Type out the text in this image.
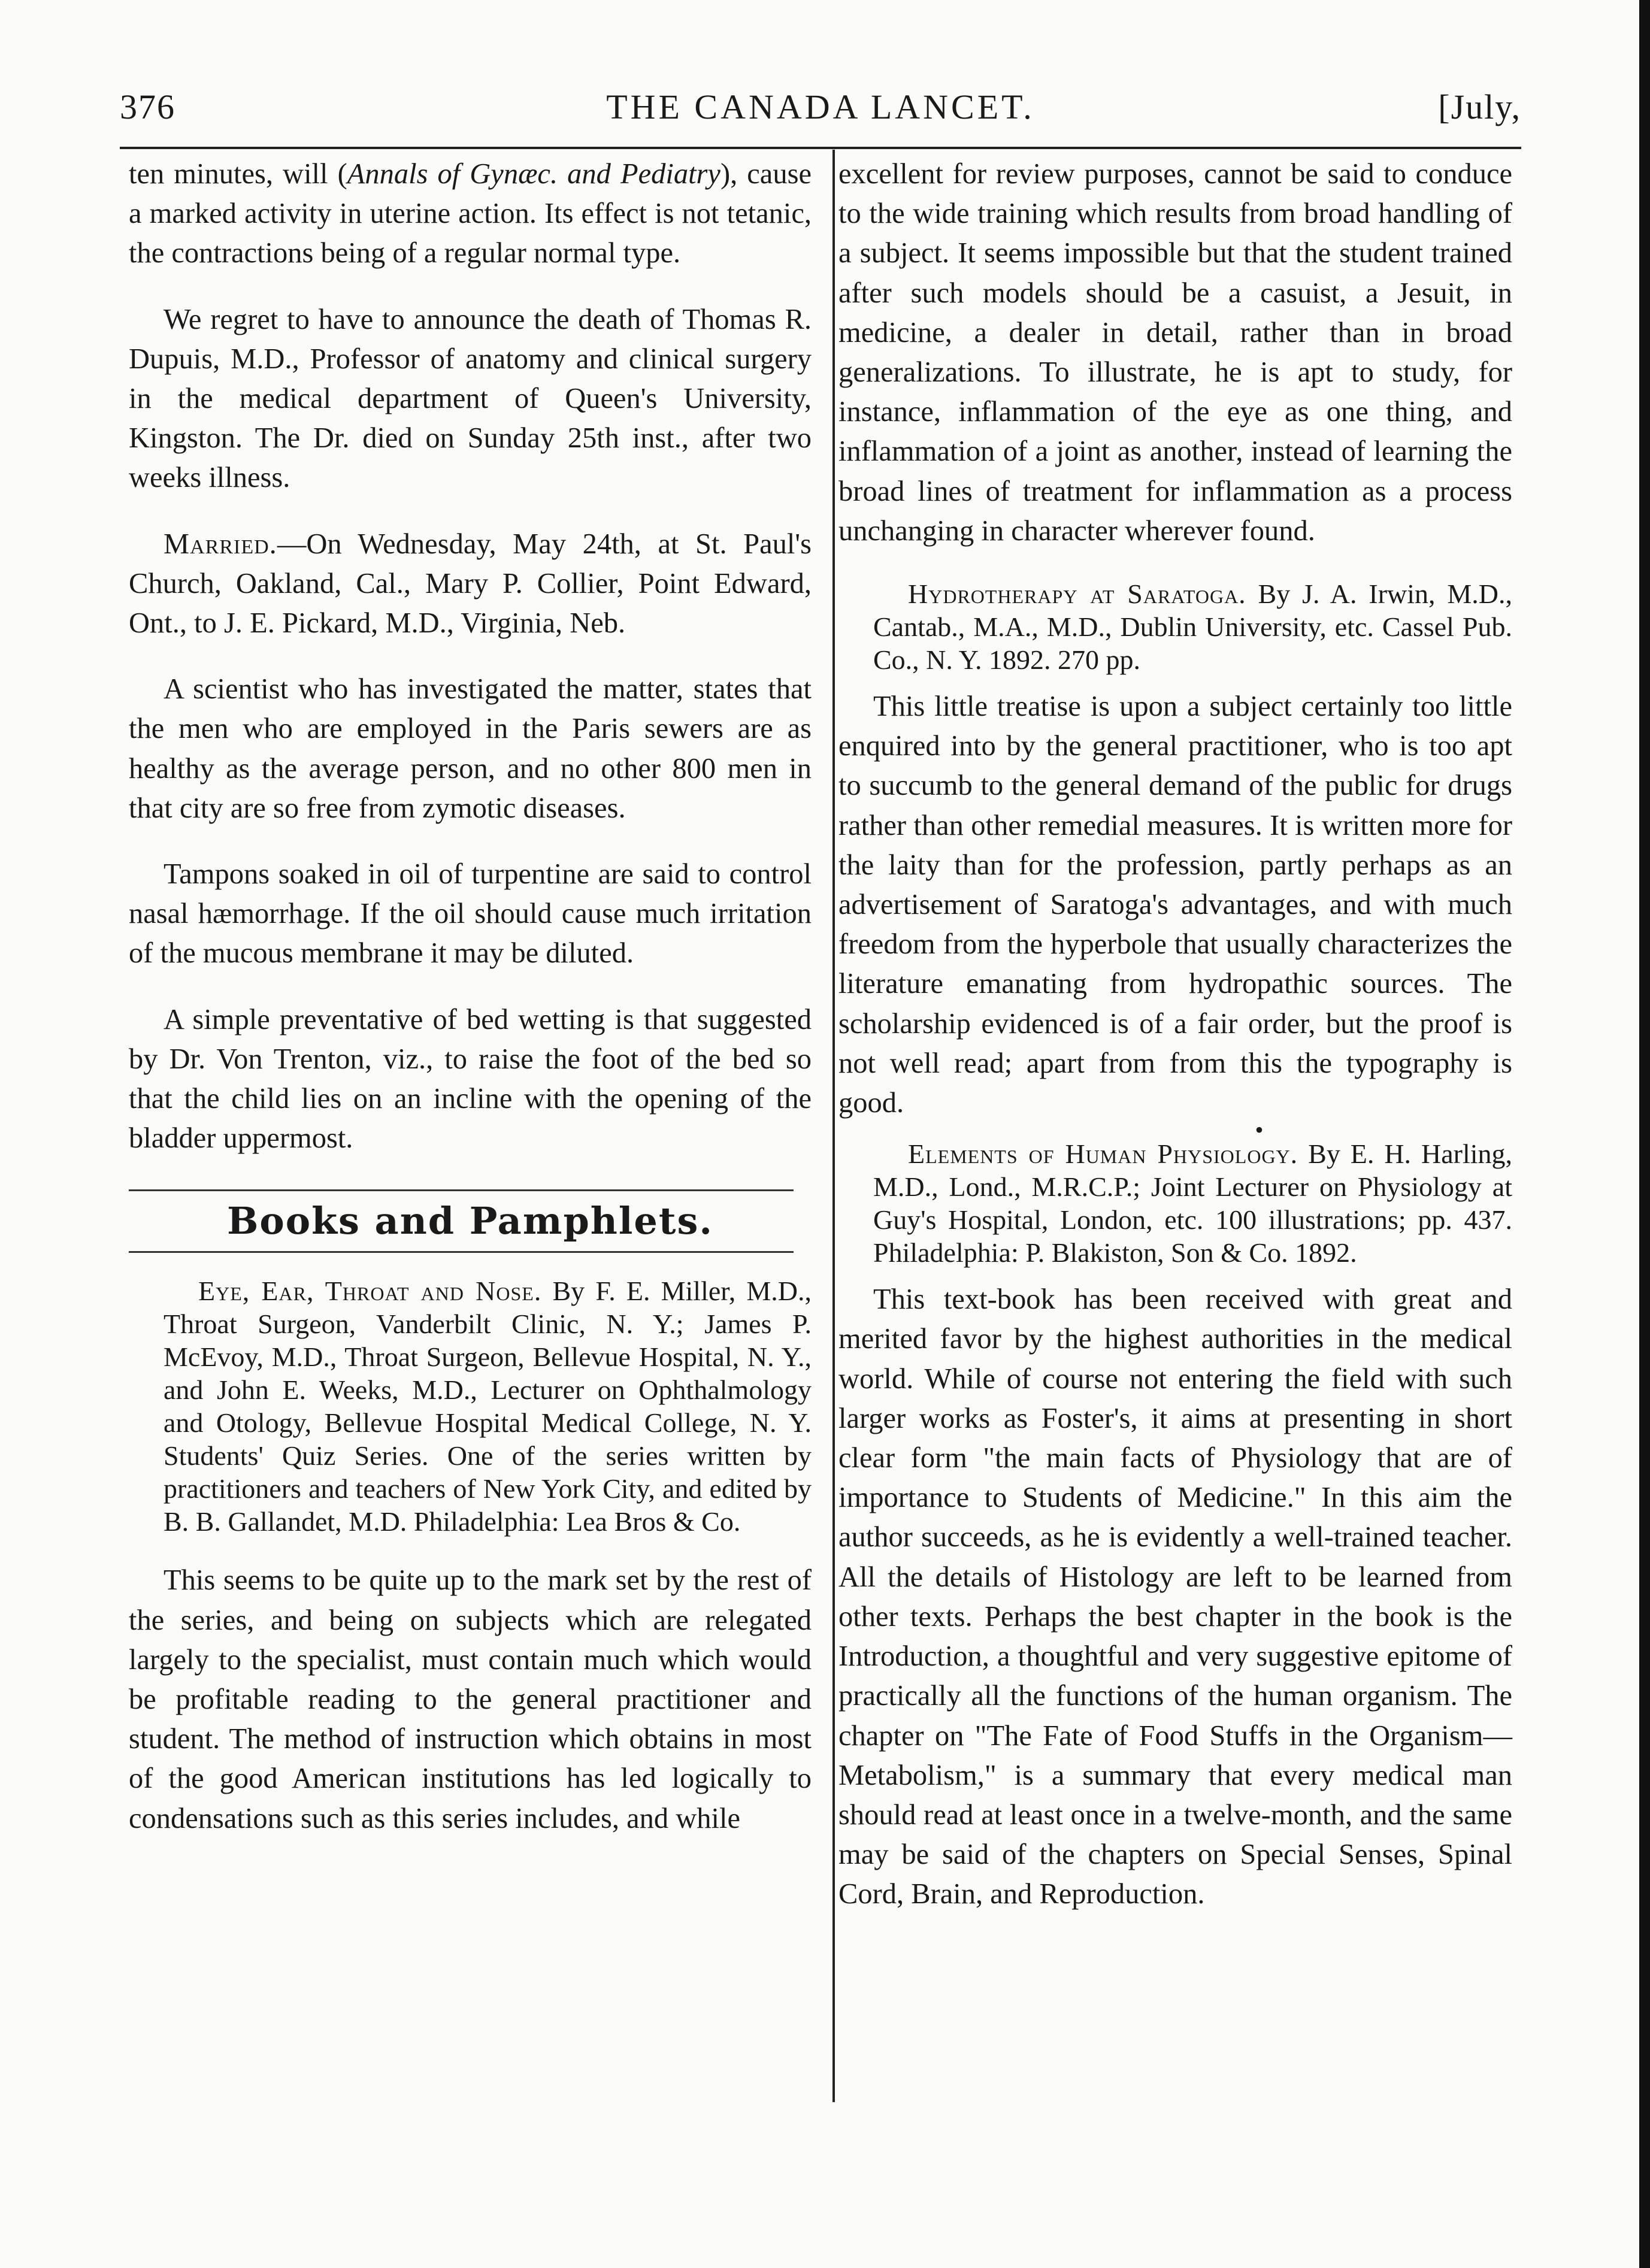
376	THE CANADA LANCET.	[July,

ten minutes, will (Annals of Gynæc. and Pediatry), cause a marked activity in uterine action. Its effect is not tetanic, the contractions being of a regular normal type.

We regret to have to announce the death of Thomas R. Dupuis, M.D., Professor of anatomy and clinical surgery in the medical department of Queen's University, Kingston. The Dr. died on Sunday 25th inst., after two weeks illness.

Married.—On Wednesday, May 24th, at St. Paul's Church, Oakland, Cal., Mary P. Collier, Point Edward, Ont., to J. E. Pickard, M.D., Virginia, Neb.

A scientist who has investigated the matter, states that the men who are employed in the Paris sewers are as healthy as the average person, and no other 800 men in that city are so free from zymotic diseases.

Tampons soaked in oil of turpentine are said to control nasal hæmorrhage. If the oil should cause much irritation of the mucous membrane it may be diluted.

A simple preventative of bed wetting is that suggested by Dr. Von Trenton, viz., to raise the foot of the bed so that the child lies on an incline with the opening of the bladder uppermost.

Books and Pamphlets.

Eye, Ear, Throat and Nose. By F. E. Miller, M.D., Throat Surgeon, Vanderbilt Clinic, N. Y.; James P. McEvoy, M.D., Throat Surgeon, Bellevue Hospital, N. Y., and John E. Weeks, M.D., Lecturer on Ophthalmology and Otology, Bellevue Hospital Medical College, N. Y. Students' Quiz Series. One of the series written by practitioners and teachers of New York City, and edited by B. B. Gallandet, M.D. Philadelphia: Lea Bros & Co.

This seems to be quite up to the mark set by the rest of the series, and being on subjects which are relegated largely to the specialist, must contain much which would be profitable reading to the general practitioner and student. The method of instruction which obtains in most of the good American institutions has led logically to condensations such as this series includes, and while

excellent for review purposes, cannot be said to conduce to the wide training which results from broad handling of a subject. It seems impossible but that the student trained after such models should be a casuist, a Jesuit, in medicine, a dealer in detail, rather than in broad generalizations. To illustrate, he is apt to study, for instance, inflammation of the eye as one thing, and inflammation of a joint as another, instead of learning the broad lines of treatment for inflammation as a process unchanging in character wherever found.

Hydrotherapy at Saratoga. By J. A. Irwin, M.D., Cantab., M.A., M.D., Dublin University, etc. Cassel Pub. Co., N. Y. 1892. 270 pp.

This little treatise is upon a subject certainly too little enquired into by the general practitioner, who is too apt to succumb to the general demand of the public for drugs rather than other remedial measures. It is written more for the laity than for the profession, partly perhaps as an advertisement of Saratoga's advantages, and with much freedom from the hyperbole that usually characterizes the literature emanating from hydropathic sources. The scholarship evidenced is of a fair order, but the proof is not well read; apart from from this the typography is good.

•

Elements of Human Physiology. By E. H. Harling, M.D., Lond., M.R.C.P.; Joint Lecturer on Physiology at Guy's Hospital, London, etc. 100 illustrations; pp. 437. Philadelphia: P. Blakiston, Son & Co. 1892.

This text-book has been received with great and merited favor by the highest authorities in the medical world. While of course not entering the field with such larger works as Foster's, it aims at presenting in short clear form "the main facts of Physiology that are of importance to Students of Medicine." In this aim the author succeeds, as he is evidently a well-trained teacher. All the details of Histology are left to be learned from other texts. Perhaps the best chapter in the book is the Introduction, a thoughtful and very suggestive epitome of practically all the functions of the human organism. The chapter on "The Fate of Food Stuffs in the Organism—Metabolism," is a summary that every medical man should read at least once in a twelve-month, and the same may be said of the chapters on Special Senses, Spinal Cord, Brain, and Reproduction.
